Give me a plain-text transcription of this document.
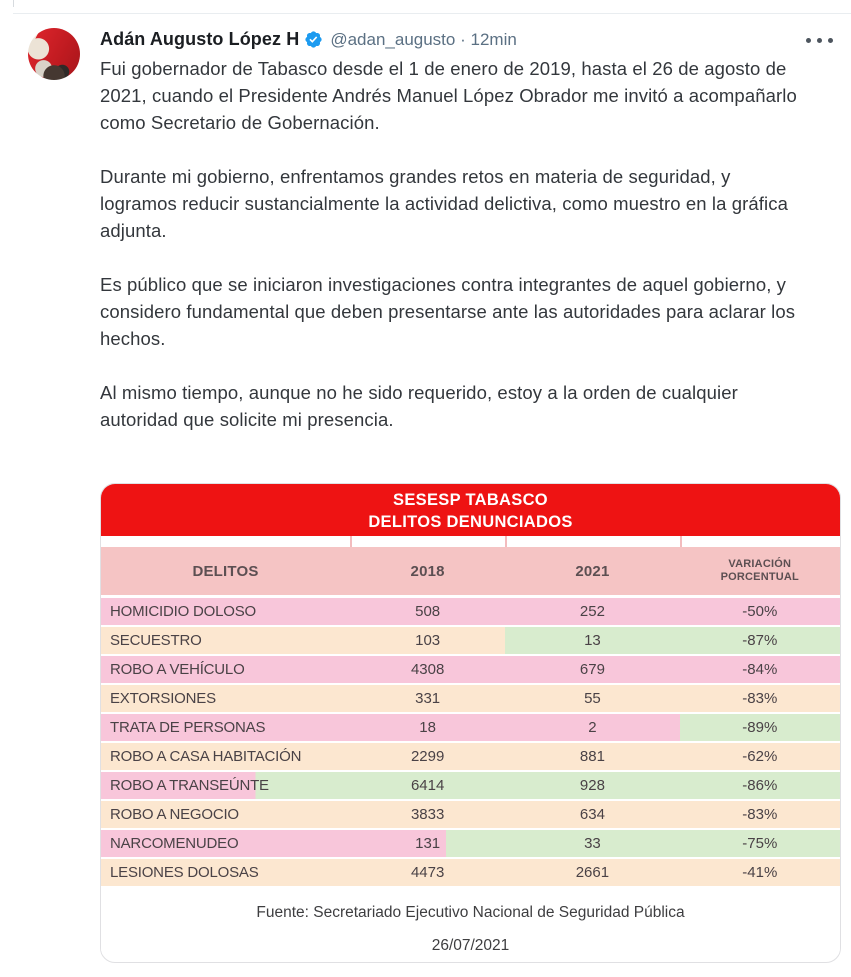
Adán Augusto López H @adan_augusto · 12min

Fui gobernador de Tabasco desde el 1 de enero de 2019, hasta el 26 de agosto de 2021, cuando el Presidente Andrés Manuel López Obrador me invitó a acompañarlo como Secretario de Gobernación.

Durante mi gobierno, enfrentamos grandes retos en materia de seguridad, y logramos reducir sustancialmente la actividad delictiva, como muestro en la gráfica adjunta.

Es público que se iniciaron investigaciones contra integrantes de aquel gobierno, y considero fundamental que deben presentarse ante las autoridades para aclarar los hechos.

Al mismo tiempo, aunque no he sido requerido, estoy a la orden de cualquier autoridad que solicite mi presencia.

SESESP TABASCO
DELITOS DENUNCIADOS
DELITOS	2018	2021	VARIACIÓN PORCENTUAL
HOMICIDIO DOLOSO	508	252	-50%
SECUESTRO	103	13	-87%
ROBO A VEHÍCULO	4308	679	-84%
EXTORSIONES	331	55	-83%
TRATA DE PERSONAS	18	2	-89%
ROBO A CASA HABITACIÓN	2299	881	-62%
ROBO A TRANSEÚNTE	6414	928	-86%
ROBO A NEGOCIO	3833	634	-83%
NARCOMENUDEO	131	33	-75%
LESIONES DOLOSAS	4473	2661	-41%
Fuente: Secretariado Ejecutivo Nacional de Seguridad Pública
26/07/2021
